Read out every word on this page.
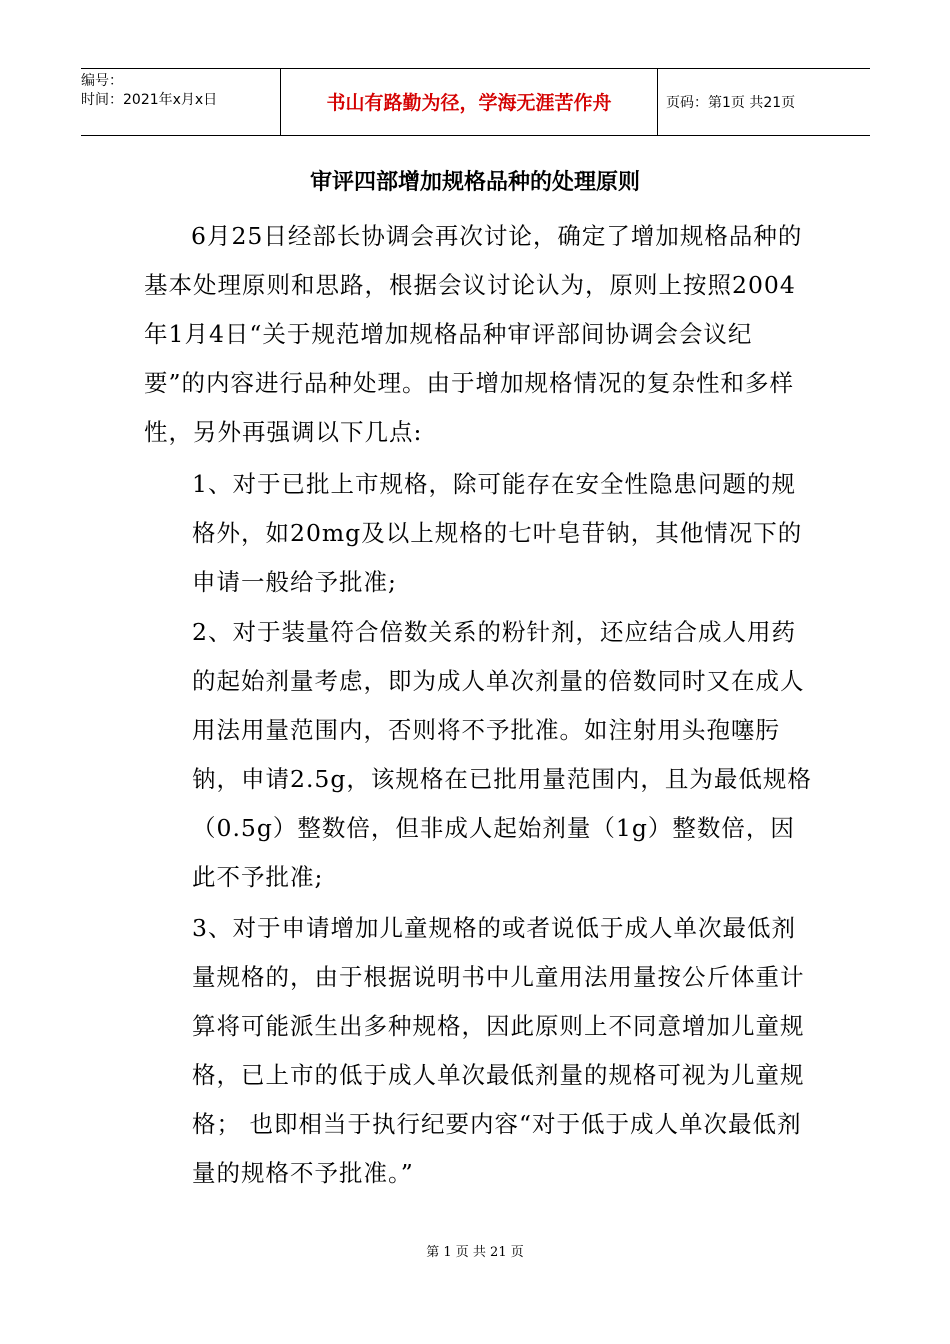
编号：
时间：2021年x月x日	书山有路勤为径，学海无涯苦作舟	页码：第1页 共21页
审评四部增加规格品种的处理原则

6月25日经部长协调会再次讨论，确定了增加规格品种的基本处理原则和思路，根据会议讨论认为，原则上按照2004年1月4日“关于规范增加规格品种审评部间协调会会议纪要”的内容进行品种处理。由于增加规格情况的复杂性和多样性，另外再强调以下几点:

1、对于已批上市规格，除可能存在安全性隐患问题的规格外，如20mg及以上规格的七叶皂苷钠，其他情况下的申请一般给予批准;

2、对于装量符合倍数关系的粉针剂，还应结合成人用药的起始剂量考虑，即为成人单次剂量的倍数同时又在成人用法用量范围内，否则将不予批准。如注射用头孢噻肟钠，申请2.5g，该规格在已批用量范围内，且为最低规格（0.5g）整数倍，但非成人起始剂量（1g）整数倍，因此不予批准;

3、对于申请增加儿童规格的或者说低于成人单次最低剂量规格的，由于根据说明书中儿童用法用量按公斤体重计算将可能派生出多种规格，因此原则上不同意增加儿童规格，已上市的低于成人单次最低剂量的规格可视为儿童规格； 也即相当于执行纪要内容“对于低于成人单次最低剂量的规格不予批准。”

第 1 页 共 21 页
